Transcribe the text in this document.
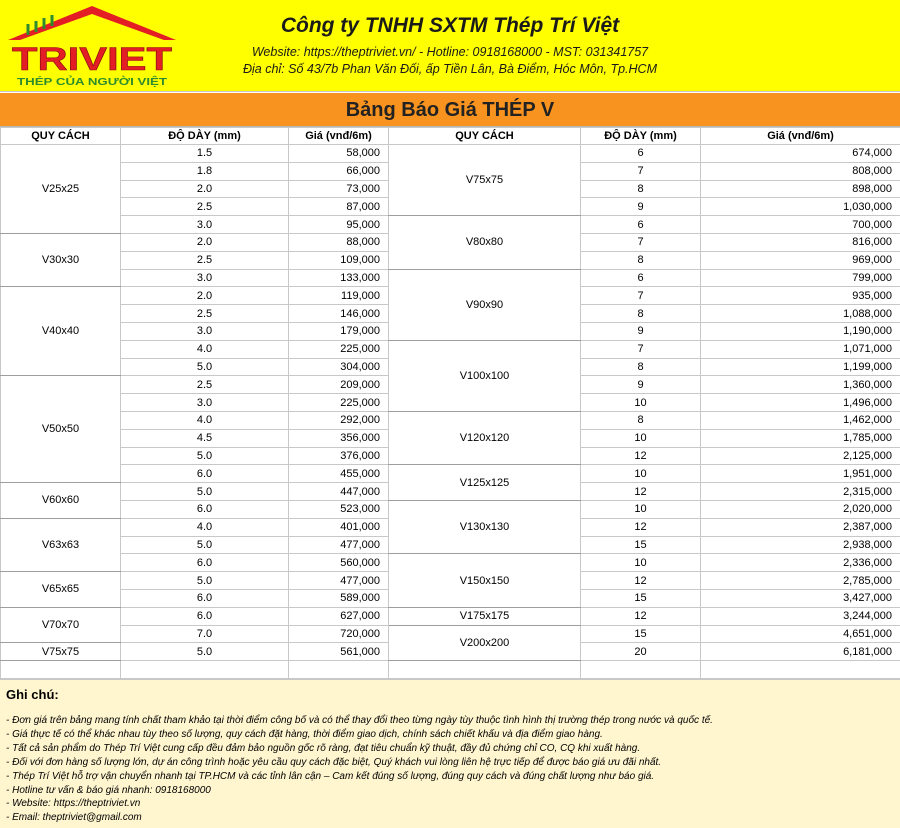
TRIVIET
THÉP CỦA NGƯỜI VIỆT
Công ty TNHH SXTM Thép Trí Việt
Website: https://theptriviet.vn/ - Hotline: 0918168000 - MST: 031341757
Địa chỉ: Số 43/7b Phan Văn Đối, ấp Tiền Lân, Bà Điểm, Hóc Môn, Tp.HCM
Bảng Báo Giá THÉP V
QUY CÁCH	ĐỘ DÀY (mm)	Giá (vnđ/6m)	QUY CÁCH	ĐỘ DÀY (mm)	Giá (vnđ/6m)
V25x25	1.5	58,000	V75x75	6	674,000
	1.8	66,000		7	808,000
	2.0	73,000		8	898,000
	2.5	87,000		9	1,030,000
	3.0	95,000	V80x80	6	700,000
V30x30	2.0	88,000		7	816,000
	2.5	109,000		8	969,000
	3.0	133,000	V90x90	6	799,000
V40x40	2.0	119,000		7	935,000
	2.5	146,000		8	1,088,000
	3.0	179,000		9	1,190,000
	4.0	225,000	V100x100	7	1,071,000
	5.0	304,000		8	1,199,000
V50x50	2.5	209,000		9	1,360,000
	3.0	225,000		10	1,496,000
	4.0	292,000	V120x120	8	1,462,000
	4.5	356,000		10	1,785,000
	5.0	376,000		12	2,125,000
	6.0	455,000	V125x125	10	1,951,000
V60x60	5.0	447,000		12	2,315,000
	6.0	523,000	V130x130	10	2,020,000
V63x63	4.0	401,000		12	2,387,000
	5.0	477,000		15	2,938,000
	6.0	560,000	V150x150	10	2,336,000
V65x65	5.0	477,000		12	2,785,000
	6.0	589,000		15	3,427,000
V70x70	6.0	627,000	V175x175	12	3,244,000
	7.0	720,000	V200x200	15	4,651,000
V75x75	5.0	561,000		20	6,181,000

Ghi chú:
- Đơn giá trên bảng mang tính chất tham khảo tại thời điểm công bố và có thể thay đổi theo từng ngày tùy thuộc tình hình thị trường thép trong nước và quốc tế.
- Giá thực tế có thể khác nhau tùy theo số lượng, quy cách đặt hàng, thời điểm giao dịch, chính sách chiết khấu và địa điểm giao hàng.
- Tất cả sản phẩm do Thép Trí Việt cung cấp đều đảm bảo nguồn gốc rõ ràng, đạt tiêu chuẩn kỹ thuật, đầy đủ chứng chỉ CO, CQ khi xuất hàng.
- Đối với đơn hàng số lượng lớn, dự án công trình hoặc yêu cầu quy cách đặc biệt, Quý khách vui lòng liên hệ trực tiếp để được báo giá ưu đãi nhất.
- Thép Trí Việt hỗ trợ vận chuyển nhanh tại TP.HCM và các tỉnh lân cận – Cam kết đúng số lượng, đúng quy cách và đúng chất lượng như báo giá.
- Hotline tư vấn & báo giá nhanh: 0918168000
- Website: https://theptriviet.vn
- Email: theptriviet@gmail.com
